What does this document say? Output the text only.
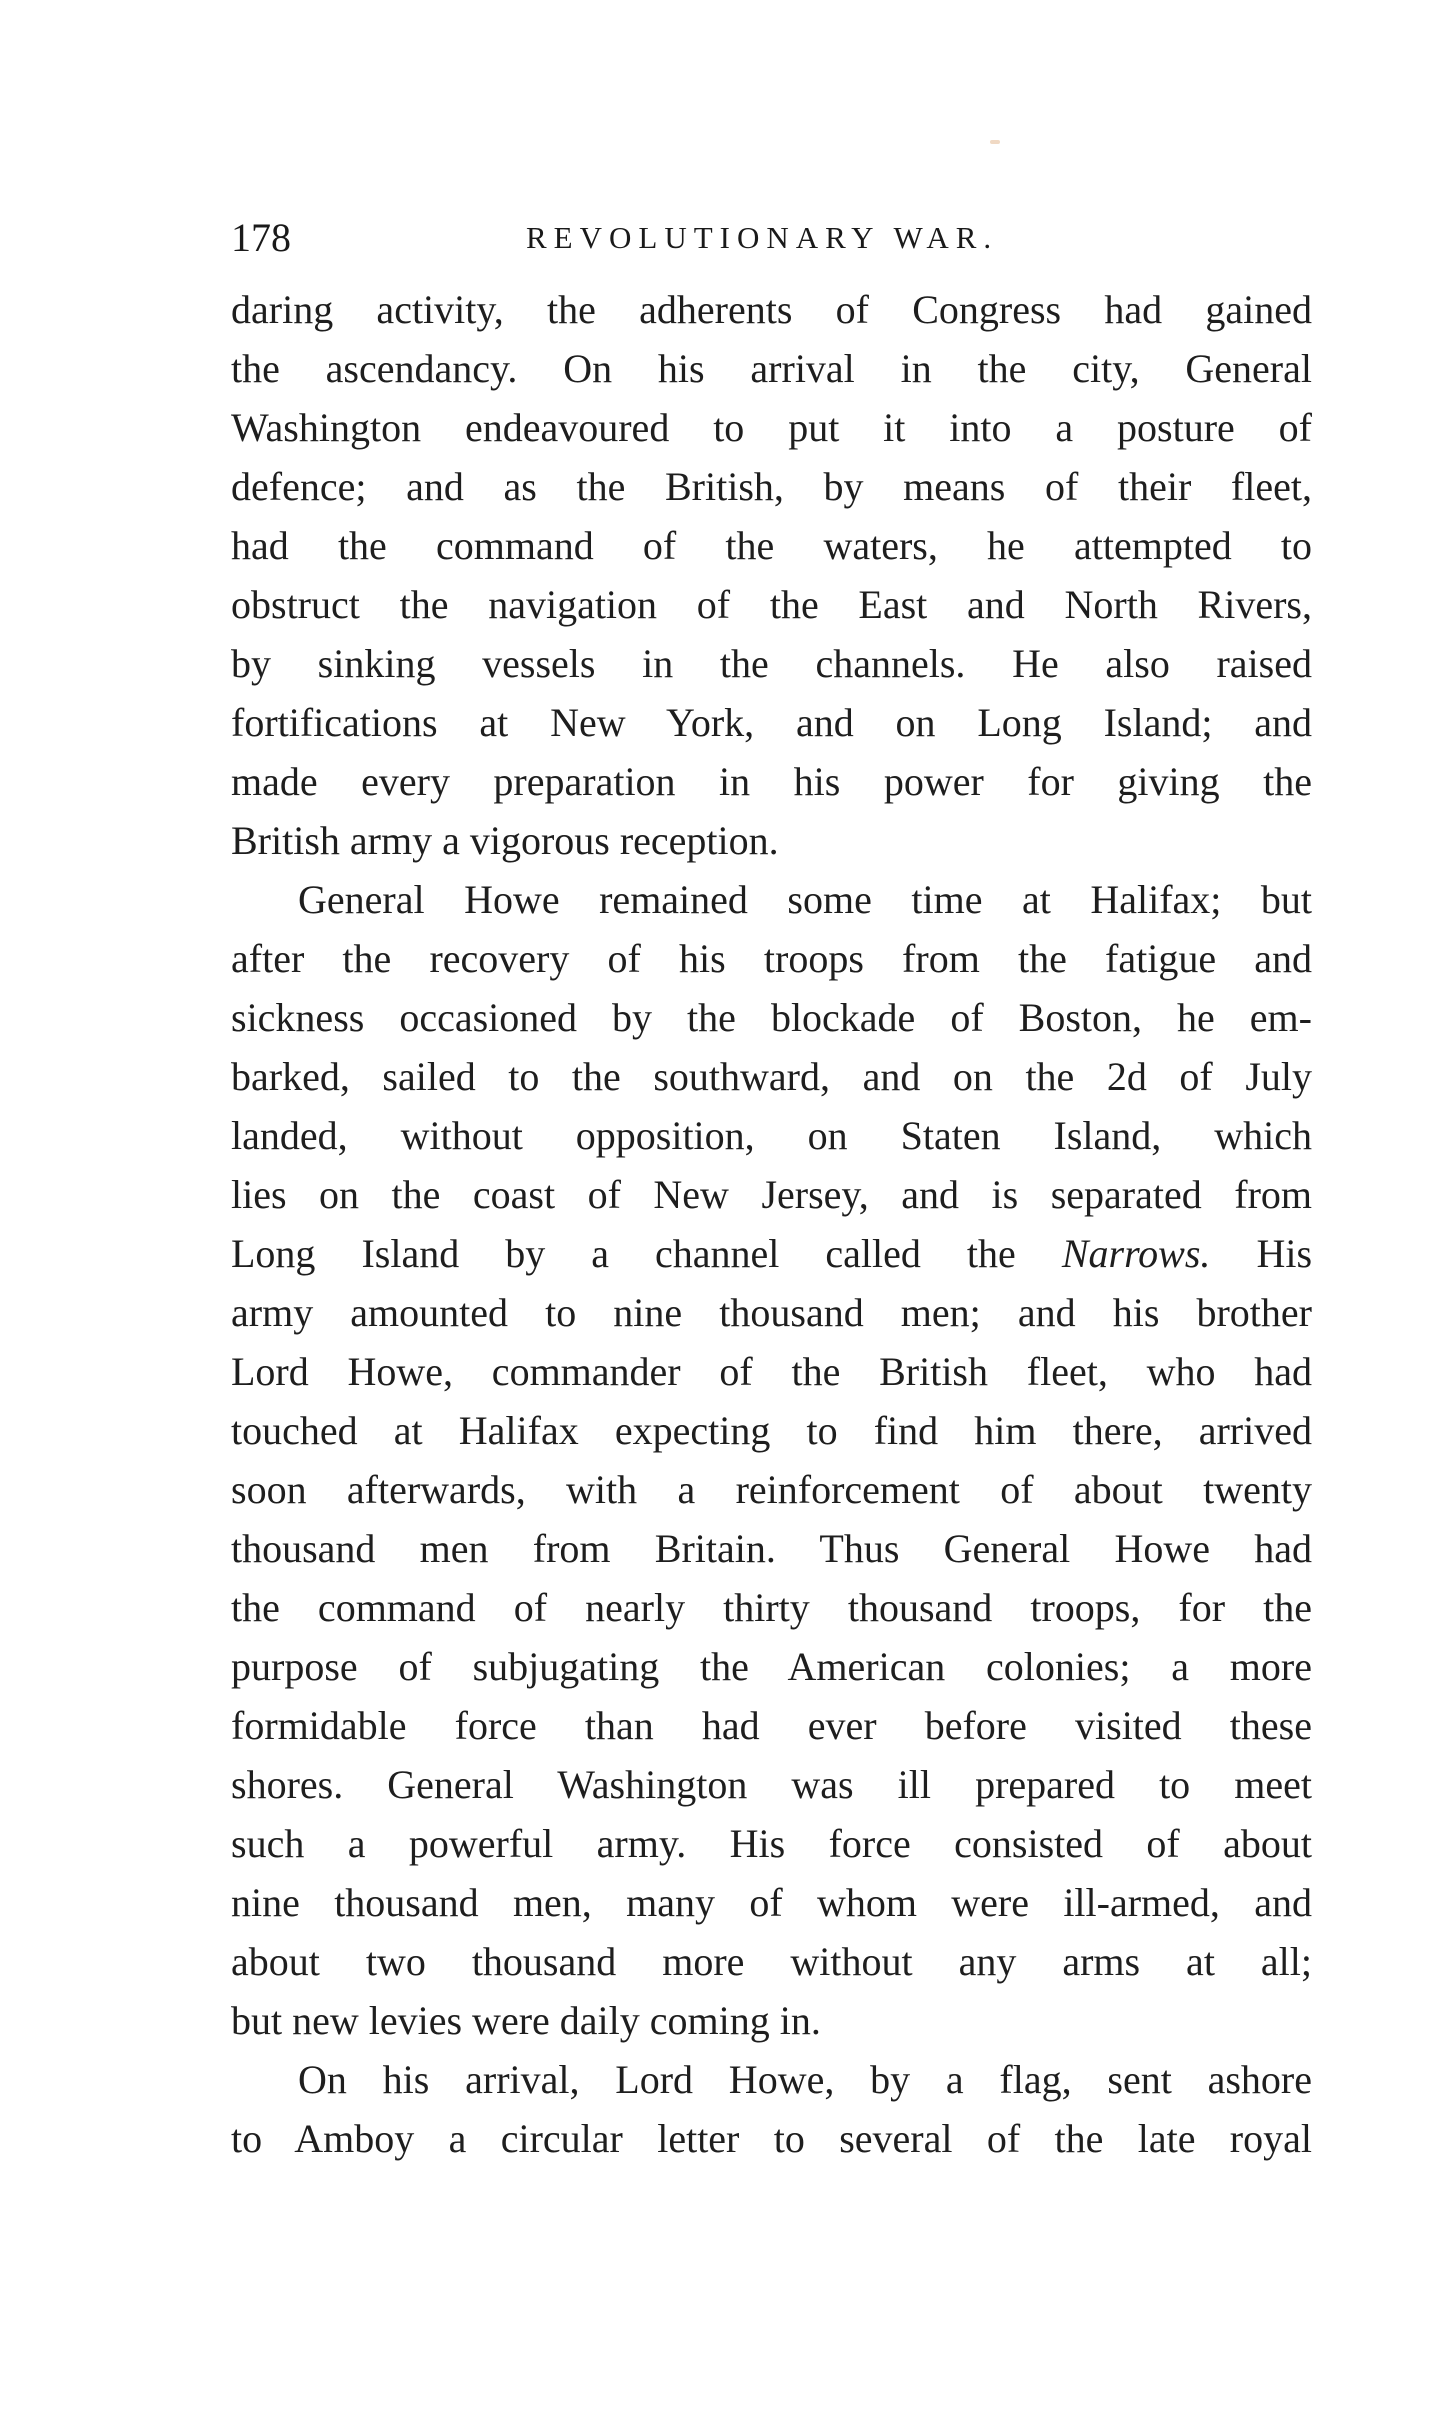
178	REVOLUTIONARY WAR.
daring activity, the adherents of Congress had gained
the ascendancy. On his arrival in the city, General
Washington endeavoured to put it into a posture of
defence; and as the British, by means of their fleet,
had the command of the waters, he attempted to
obstruct the navigation of the East and North Rivers,
by sinking vessels in the channels. He also raised
fortifications at New York, and on Long Island; and
made every preparation in his power for giving the
British army a vigorous reception.
General Howe remained some time at Halifax; but
after the recovery of his troops from the fatigue and
sickness occasioned by the blockade of Boston, he em-
barked, sailed to the southward, and on the 2d of July
landed, without opposition, on Staten Island, which
lies on the coast of New Jersey, and is separated from
Long Island by a channel called the Narrows. His
army amounted to nine thousand men; and his brother
Lord Howe, commander of the British fleet, who had
touched at Halifax expecting to find him there, arrived
soon afterwards, with a reinforcement of about twenty
thousand men from Britain. Thus General Howe had
the command of nearly thirty thousand troops, for the
purpose of subjugating the American colonies; a more
formidable force than had ever before visited these
shores. General Washington was ill prepared to meet
such a powerful army. His force consisted of about
nine thousand men, many of whom were ill-armed, and
about two thousand more without any arms at all;
but new levies were daily coming in.
On his arrival, Lord Howe, by a flag, sent ashore
to Amboy a circular letter to several of the late royal
